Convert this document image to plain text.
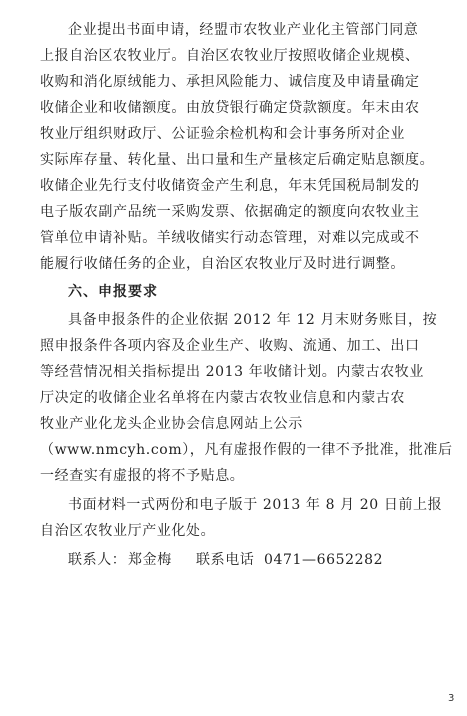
企业提出书面申请，经盟市农牧业产业化主管部门同意
上报自治区农牧业厅。自治区农牧业厅按照收储企业规模、
收购和消化原绒能力、承担风险能力、诚信度及申请量确定
收储企业和收储额度。由放贷银行确定贷款额度。年末由农
牧业厅组织财政厅、公证验余检机构和会计事务所对企业
实际库存量、转化量、出口量和生产量核定后确定贴息额度。
收储企业先行支付收储资金产生利息，年末凭国税局制发的
电子版农副产品统一采购发票、依据确定的额度向农牧业主
管单位申请补贴。羊绒收储实行动态管理，对难以完成或不
能履行收储任务的企业，自治区农牧业厅及时进行调整。
六、申报要求
具备申报条件的企业依据 2012 年 12 月末财务账目，按
照申报条件各项内容及企业生产、收购、流通、加工、出口
等经营情况相关指标提出 2013 年收储计划。内蒙古农牧业
厅决定的收储企业名单将在内蒙古农牧业信息和内蒙古农
牧业产业化龙头企业协会信息网站上公示
（www.nmcyh.com），凡有虚报作假的一律不予批准，批准后
一经查实有虚报的将不予贴息。
书面材料一式两份和电子版于 2013 年 8 月 20 日前上报
自治区农牧业厅产业化处。
联系人： 郑金梅 联系电话 0471—6652282
3
